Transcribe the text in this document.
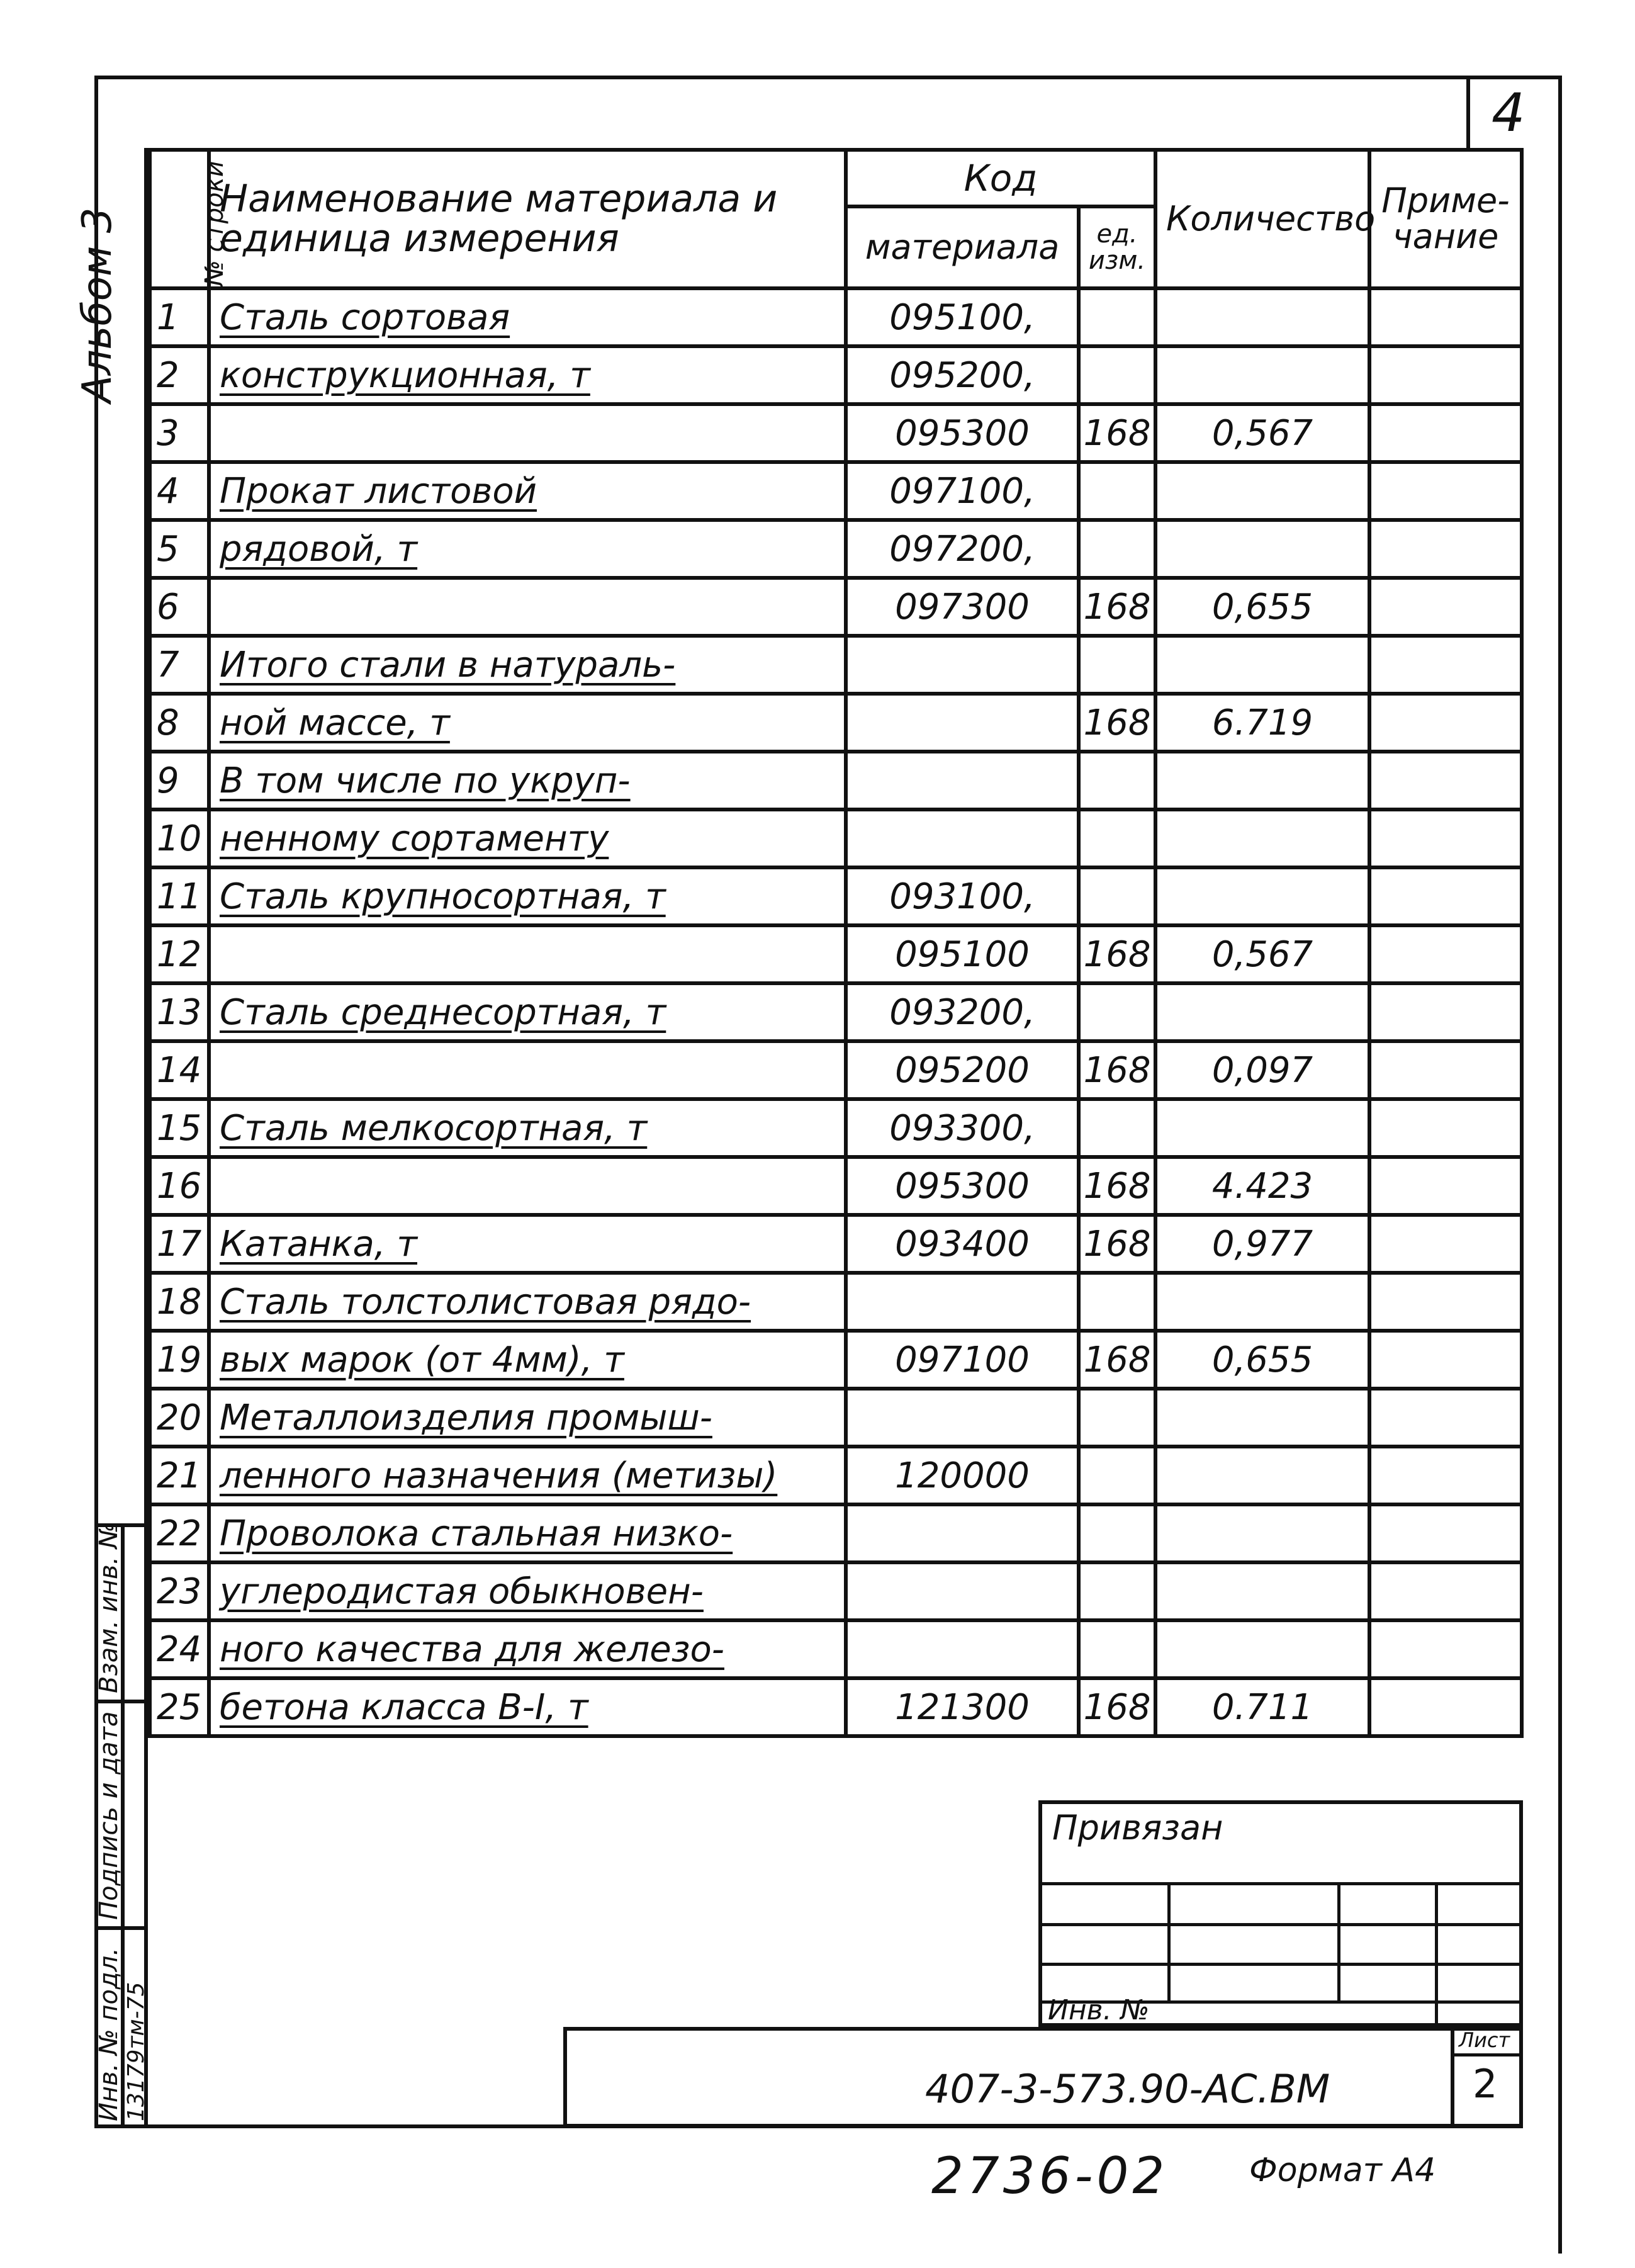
4
Альбом 3	№ строки	Наименование материала и единица измерения	Код		Количество	Приме-чание
		материала	ед. изм.		
1	Сталь сортовая	095100,			
2	конструкционная, т	095200,			
3		095300	168	0,567	
4	Прокат листовой	097100,			
5	рядовой, т	097200,			
6		097300	168	0,655	
7	Итого стали в натураль-				
8	ной массе, т		168	6.719	
9	В том числе по укруп-				
10	ненному сортаменту				
11	Сталь крупносортная, т	093100,			
12		095100	168	0,567	
13	Сталь среднесортная, т	093200,			
14		095200	168	0,097	
15	Сталь мелкосортная, т	093300,			
16		095300	168	4.423	
17	Катанка, т	093400	168	0,977	
18	Сталь толстолистовая рядо-				
19	вых марок (от 4мм), т	097100	168	0,655	
20	Металлоизделия промыш-				
21	ленного назначения (метизы)	120000			
22	Проволока стальная низко-				
23	углеродистая обыкновен-				
24	ного качества для железо-				
25	бетона класса В-I, т	121300	168	0.711	
Взам. инв. №
Подпись и дата
Инв. № подл. 13179тм-75
Привязан
Инв. №
407-3-573.90-АС.ВМ
Лист
2
2736-02 Формат А4
